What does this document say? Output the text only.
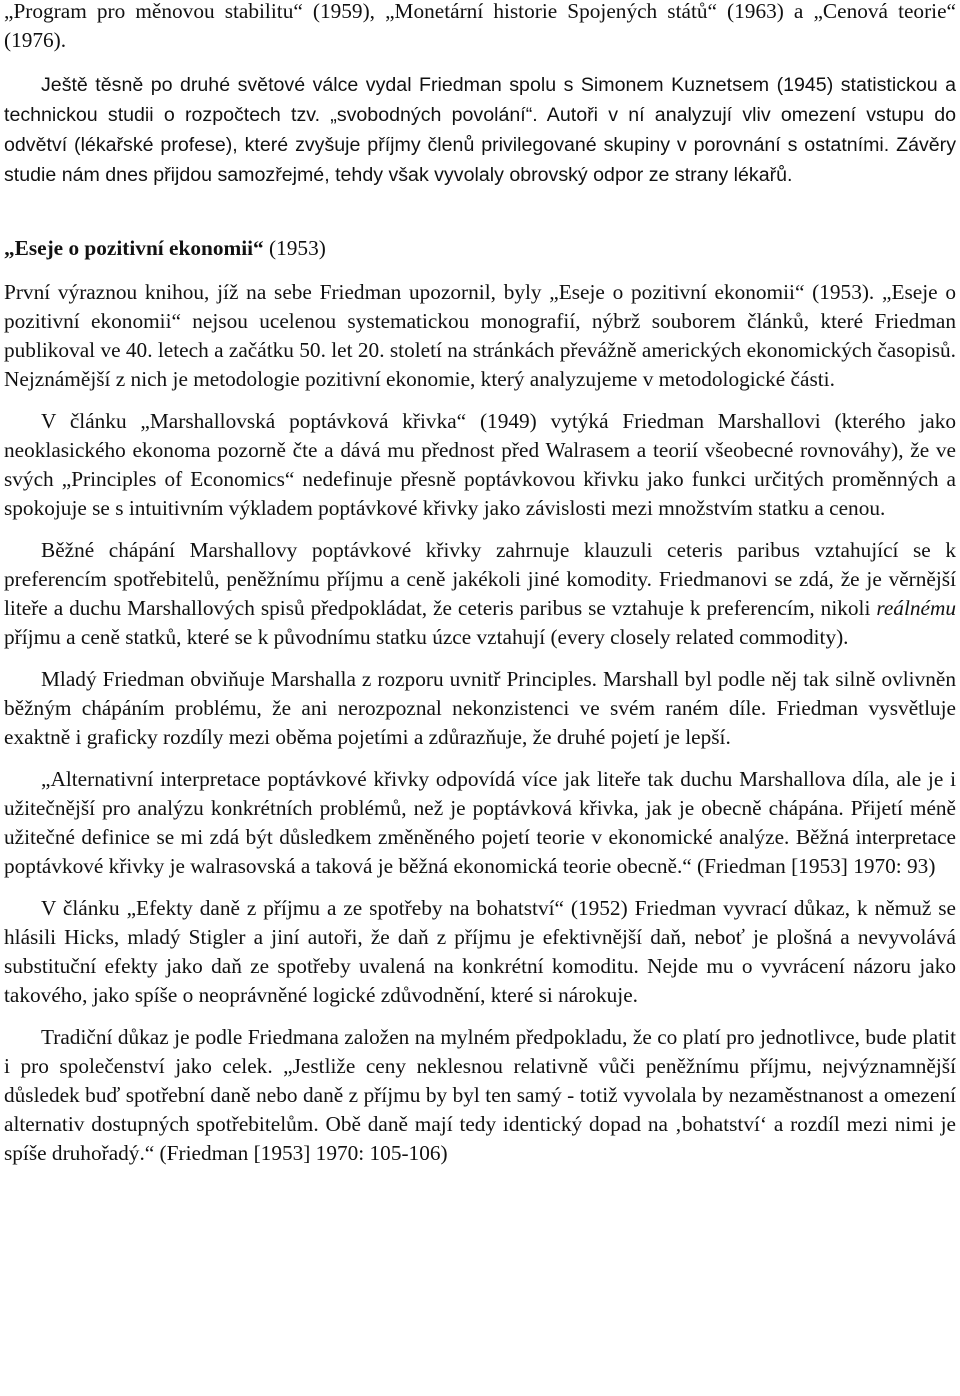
„Program pro měnovou stabilitu“ (1959), „Monetární historie Spojených států“ (1963) a „Cenová teorie“ (1976).

Ještě těsně po druhé světové válce vydal Friedman spolu s Simonem Kuznetsem (1945) statistickou a technickou studii o rozpočtech tzv. „svobodných povolání“. Autoři v ní analyzují vliv omezení vstupu do odvětví (lékařské profese), které zvyšuje příjmy členů privilegované skupiny v porovnání s ostatními. Závěry studie nám dnes přijdou samozřejmé, tehdy však vyvolaly obrovský odpor ze strany lékařů.

„Eseje o pozitivní ekonomii“ (1953)

První výraznou knihou, jíž na sebe Friedman upozornil, byly „Eseje o pozitivní ekonomii“ (1953). „Eseje o pozitivní ekonomii“ nejsou ucelenou systematickou monografií, nýbrž souborem článků, které Friedman publikoval ve 40. letech a začátku 50. let 20. století na stránkách převážně amerických ekonomických časopisů. Nejznámější z nich je metodologie pozitivní ekonomie, který analyzujeme v metodologické části.

V článku „Marshallovská poptávková křivka“ (1949) vytýká Friedman Marshallovi (kterého jako neoklasického ekonoma pozorně čte a dává mu přednost před Walrasem a teorií všeobecné rovnováhy), že ve svých „Principles of Economics“ nedefinuje přesně poptávkovou křivku jako funkci určitých proměnných a spokojuje se s intuitivním výkladem poptávkové křivky jako závislosti mezi množstvím statku a cenou.

Běžné chápání Marshallovy poptávkové křivky zahrnuje klauzuli ceteris paribus vztahující se k preferencím spotřebitelů, peněžnímu příjmu a ceně jakékoli jiné komodity. Friedmanovi se zdá, že je věrnější liteře a duchu Marshallových spisů předpokládat, že ceteris paribus se vztahuje k preferencím, nikoli reálnému příjmu a ceně statků, které se k původnímu statku úzce vztahují (every closely related commodity).

Mladý Friedman obviňuje Marshalla z rozporu uvnitř Principles. Marshall byl podle něj tak silně ovlivněn běžným chápáním problému, že ani nerozpoznal nekonzistenci ve svém raném díle. Friedman vysvětluje exaktně i graficky rozdíly mezi oběma pojetími a zdůrazňuje, že druhé pojetí je lepší.

„Alternativní interpretace poptávkové křivky odpovídá více jak liteře tak duchu Marshallova díla, ale je i užitečnější pro analýzu konkrétních problémů, než je poptávková křivka, jak je obecně chápána. Přijetí méně užitečné definice se mi zdá být důsledkem změněného pojetí teorie v ekonomické analýze. Běžná interpretace poptávkové křivky je walrasovská a taková je běžná ekonomická teorie obecně.“ (Friedman [1953] 1970: 93)

V článku „Efekty daně z příjmu a ze spotřeby na bohatství“ (1952) Friedman vyvrací důkaz, k němuž se hlásili Hicks, mladý Stigler a jiní autoři, že daň z příjmu je efektivnější daň, neboť je plošná a nevyvolává substituční efekty jako daň ze spotřeby uvalená na konkrétní komoditu. Nejde mu o vyvrácení názoru jako takového, jako spíše o neoprávněné logické zdůvodnění, které si nárokuje.

Tradiční důkaz je podle Friedmana založen na mylném předpokladu, že co platí pro jednotlivce, bude platit i pro společenství jako celek. „Jestliže ceny neklesnou relativně vůči peněžnímu příjmu, nejvýznamnější důsledek buď spotřební daně nebo daně z příjmu by byl ten samý - totiž vyvolala by nezaměstnanost a omezení alternativ dostupných spotřebitelům. Obě daně mají tedy identický dopad na ‚bohatství‘ a rozdíl mezi nimi je spíše druhořadý.“ (Friedman [1953] 1970: 105-106)
